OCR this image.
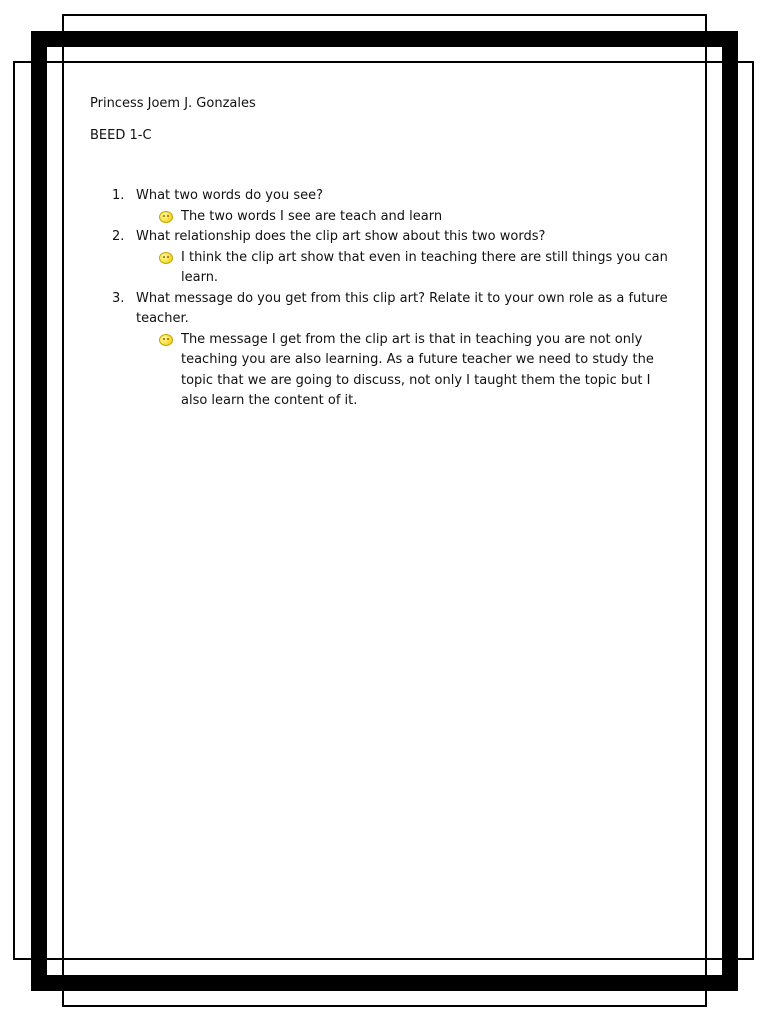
Princess Joem J. Gonzales
BEED 1-C
1. What two words do you see?
The two words I see are teach and learn
2. What relationship does the clip art show about this two words?
I think the clip art show that even in teaching there are still things you can learn.
3. What message do you get from this clip art? Relate it to your own role as a future teacher.
The message I get from the clip art is that in teaching you are not only teaching you are also learning. As a future teacher we need to study the topic that we are going to discuss, not only I taught them the topic but I also learn the content of it.
